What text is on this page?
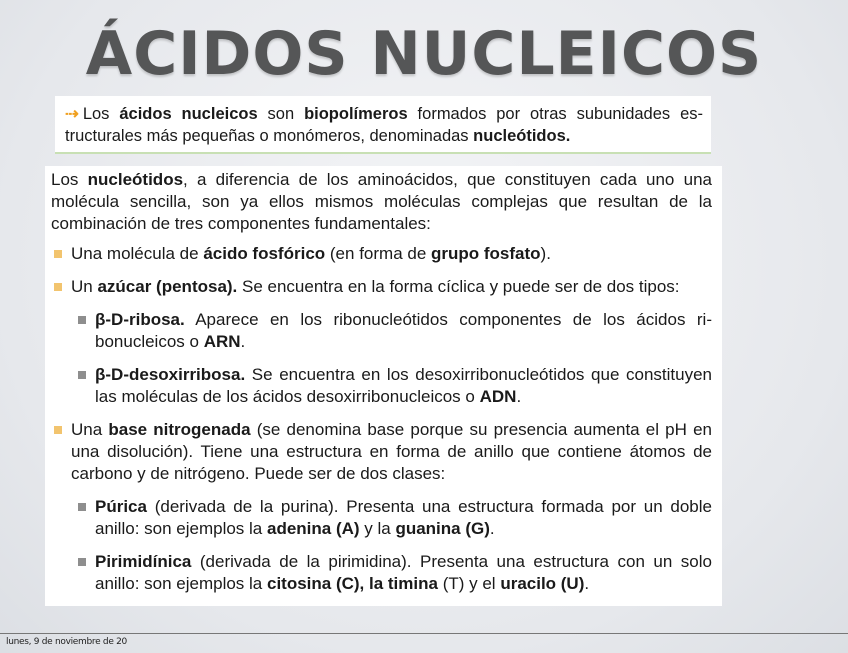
ÁCIDOS NUCLEICOS
⇢ Los ácidos nucleicos son biopolímeros formados por otras subunidades estructurales más pequeñas o monómeros, denominadas nucleótidos.

Los nucleótidos, a diferencia de los aminoácidos, que constituyen cada uno una molécula sencilla, son ya ellos mismos moléculas complejas que resultan de la combinación de tres componentes fundamentales:

Una molécula de ácido fosfórico (en forma de grupo fosfato).

Un azúcar (pentosa). Se encuentra en la forma cíclica y puede ser de dos tipos:

β-D-ribosa. Aparece en los ribonucleótidos componentes de los ácidos ribonucleicos o ARN.

β-D-desoxirribosa. Se encuentra en los desoxirribonucleótidos que constituyen las moléculas de los ácidos desoxirribonucleicos o ADN.

Una base nitrogenada (se denomina base porque su presencia aumenta el pH en una disolución). Tiene una estructura en forma de anillo que contiene átomos de carbono y de nitrógeno. Puede ser de dos clases:

Púrica (derivada de la purina). Presenta una estructura formada por un doble anillo: son ejemplos la adenina (A) y la guanina (G).

Pirimidínica (derivada de la pirimidina). Presenta una estructura con un solo anillo: son ejemplos la citosina (C), la timina (T) y el uracilo (U).

lunes, 9 de noviembre de 20
